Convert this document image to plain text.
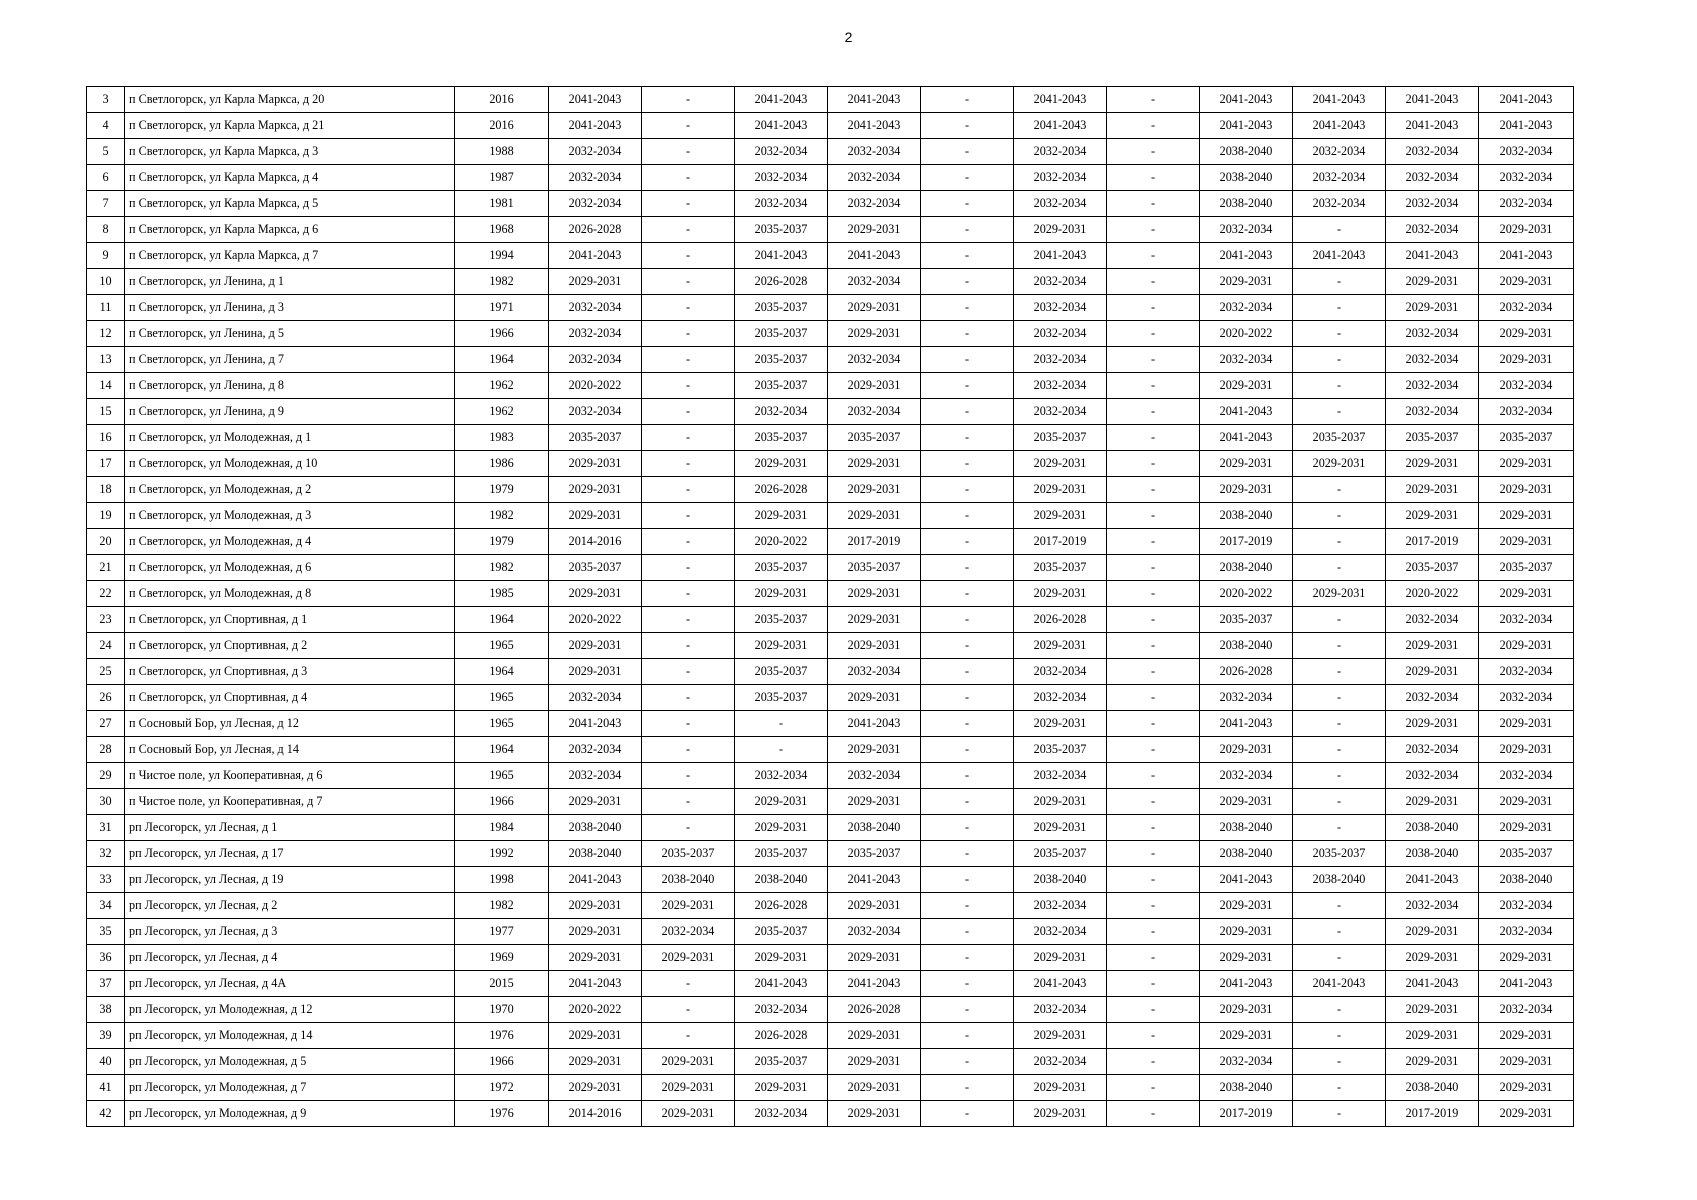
2
3	п Светлогорск, ул Карла Маркса, д 20	2016	2041-2043	-	2041-2043	2041-2043	-	2041-2043	-	2041-2043	2041-2043	2041-2043	2041-2043
4	п Светлогорск, ул Карла Маркса, д 21	2016	2041-2043	-	2041-2043	2041-2043	-	2041-2043	-	2041-2043	2041-2043	2041-2043	2041-2043
5	п Светлогорск, ул Карла Маркса, д 3	1988	2032-2034	-	2032-2034	2032-2034	-	2032-2034	-	2038-2040	2032-2034	2032-2034	2032-2034
6	п Светлогорск, ул Карла Маркса, д 4	1987	2032-2034	-	2032-2034	2032-2034	-	2032-2034	-	2038-2040	2032-2034	2032-2034	2032-2034
7	п Светлогорск, ул Карла Маркса, д 5	1981	2032-2034	-	2032-2034	2032-2034	-	2032-2034	-	2038-2040	2032-2034	2032-2034	2032-2034
8	п Светлогорск, ул Карла Маркса, д 6	1968	2026-2028	-	2035-2037	2029-2031	-	2029-2031	-	2032-2034	-	2032-2034	2029-2031
9	п Светлогорск, ул Карла Маркса, д 7	1994	2041-2043	-	2041-2043	2041-2043	-	2041-2043	-	2041-2043	2041-2043	2041-2043	2041-2043
10	п Светлогорск, ул Ленина, д 1	1982	2029-2031	-	2026-2028	2032-2034	-	2032-2034	-	2029-2031	-	2029-2031	2029-2031
11	п Светлогорск, ул Ленина, д 3	1971	2032-2034	-	2035-2037	2029-2031	-	2032-2034	-	2032-2034	-	2029-2031	2032-2034
12	п Светлогорск, ул Ленина, д 5	1966	2032-2034	-	2035-2037	2029-2031	-	2032-2034	-	2020-2022	-	2032-2034	2029-2031
13	п Светлогорск, ул Ленина, д 7	1964	2032-2034	-	2035-2037	2032-2034	-	2032-2034	-	2032-2034	-	2032-2034	2029-2031
14	п Светлогорск, ул Ленина, д 8	1962	2020-2022	-	2035-2037	2029-2031	-	2032-2034	-	2029-2031	-	2032-2034	2032-2034
15	п Светлогорск, ул Ленина, д 9	1962	2032-2034	-	2032-2034	2032-2034	-	2032-2034	-	2041-2043	-	2032-2034	2032-2034
16	п Светлогорск, ул Молодежная, д 1	1983	2035-2037	-	2035-2037	2035-2037	-	2035-2037	-	2041-2043	2035-2037	2035-2037	2035-2037
17	п Светлогорск, ул Молодежная, д 10	1986	2029-2031	-	2029-2031	2029-2031	-	2029-2031	-	2029-2031	2029-2031	2029-2031	2029-2031
18	п Светлогорск, ул Молодежная, д 2	1979	2029-2031	-	2026-2028	2029-2031	-	2029-2031	-	2029-2031	-	2029-2031	2029-2031
19	п Светлогорск, ул Молодежная, д 3	1982	2029-2031	-	2029-2031	2029-2031	-	2029-2031	-	2038-2040	-	2029-2031	2029-2031
20	п Светлогорск, ул Молодежная, д 4	1979	2014-2016	-	2020-2022	2017-2019	-	2017-2019	-	2017-2019	-	2017-2019	2029-2031
21	п Светлогорск, ул Молодежная, д 6	1982	2035-2037	-	2035-2037	2035-2037	-	2035-2037	-	2038-2040	-	2035-2037	2035-2037
22	п Светлогорск, ул Молодежная, д 8	1985	2029-2031	-	2029-2031	2029-2031	-	2029-2031	-	2020-2022	2029-2031	2020-2022	2029-2031
23	п Светлогорск, ул Спортивная, д 1	1964	2020-2022	-	2035-2037	2029-2031	-	2026-2028	-	2035-2037	-	2032-2034	2032-2034
24	п Светлогорск, ул Спортивная, д 2	1965	2029-2031	-	2029-2031	2029-2031	-	2029-2031	-	2038-2040	-	2029-2031	2029-2031
25	п Светлогорск, ул Спортивная, д 3	1964	2029-2031	-	2035-2037	2032-2034	-	2032-2034	-	2026-2028	-	2029-2031	2032-2034
26	п Светлогорск, ул Спортивная, д 4	1965	2032-2034	-	2035-2037	2029-2031	-	2032-2034	-	2032-2034	-	2032-2034	2032-2034
27	п Сосновый Бор, ул Лесная, д 12	1965	2041-2043	-	-	2041-2043	-	2029-2031	-	2041-2043	-	2029-2031	2029-2031
28	п Сосновый Бор, ул Лесная, д 14	1964	2032-2034	-	-	2029-2031	-	2035-2037	-	2029-2031	-	2032-2034	2029-2031
29	п Чистое поле, ул Кооперативная, д 6	1965	2032-2034	-	2032-2034	2032-2034	-	2032-2034	-	2032-2034	-	2032-2034	2032-2034
30	п Чистое поле, ул Кооперативная, д 7	1966	2029-2031	-	2029-2031	2029-2031	-	2029-2031	-	2029-2031	-	2029-2031	2029-2031
31	рп Лесогорск, ул Лесная, д 1	1984	2038-2040	-	2029-2031	2038-2040	-	2029-2031	-	2038-2040	-	2038-2040	2029-2031
32	рп Лесогорск, ул Лесная, д 17	1992	2038-2040	2035-2037	2035-2037	2035-2037	-	2035-2037	-	2038-2040	2035-2037	2038-2040	2035-2037
33	рп Лесогорск, ул Лесная, д 19	1998	2041-2043	2038-2040	2038-2040	2041-2043	-	2038-2040	-	2041-2043	2038-2040	2041-2043	2038-2040
34	рп Лесогорск, ул Лесная, д 2	1982	2029-2031	2029-2031	2026-2028	2029-2031	-	2032-2034	-	2029-2031	-	2032-2034	2032-2034
35	рп Лесогорск, ул Лесная, д 3	1977	2029-2031	2032-2034	2035-2037	2032-2034	-	2032-2034	-	2029-2031	-	2029-2031	2032-2034
36	рп Лесогорск, ул Лесная, д 4	1969	2029-2031	2029-2031	2029-2031	2029-2031	-	2029-2031	-	2029-2031	-	2029-2031	2029-2031
37	рп Лесогорск, ул Лесная, д 4А	2015	2041-2043	-	2041-2043	2041-2043	-	2041-2043	-	2041-2043	2041-2043	2041-2043	2041-2043
38	рп Лесогорск, ул Молодежная, д 12	1970	2020-2022	-	2032-2034	2026-2028	-	2032-2034	-	2029-2031	-	2029-2031	2032-2034
39	рп Лесогорск, ул Молодежная, д 14	1976	2029-2031	-	2026-2028	2029-2031	-	2029-2031	-	2029-2031	-	2029-2031	2029-2031
40	рп Лесогорск, ул Молодежная, д 5	1966	2029-2031	2029-2031	2035-2037	2029-2031	-	2032-2034	-	2032-2034	-	2029-2031	2029-2031
41	рп Лесогорск, ул Молодежная, д 7	1972	2029-2031	2029-2031	2029-2031	2029-2031	-	2029-2031	-	2038-2040	-	2038-2040	2029-2031
42	рп Лесогорск, ул Молодежная, д 9	1976	2014-2016	2029-2031	2032-2034	2029-2031	-	2029-2031	-	2017-2019	-	2017-2019	2029-2031
